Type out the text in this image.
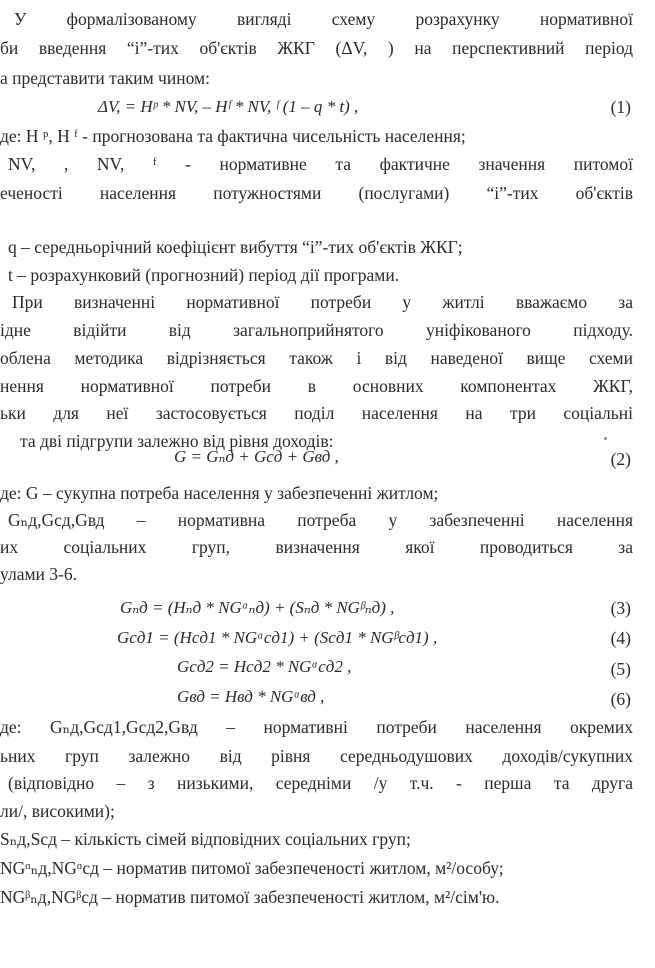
У формалізованому вигляді схему розрахунку нормативної
би введення “i”-тих об'єктів ЖКГ (ΔV, ) на перспективний період
а представити таким чином:
ΔV, = Hᵖ * NV, – Hᶠ * NV, ᶠ (1 – q * t) ,	(1)
де: H ᵖ, H ᶠ - прогнозована та фактична чисельність населення;
NV, , NV, ᶠ - нормативне та фактичне значення питомої
еченості населення потужностями (послугами) “i”-тих об'єктів
q – середньорічний коефіцієнт вибуття “i”-тих об'єктів ЖКГ;
t – розрахунковий (прогнозний) період дії програми.
При визначенні нормативної потреби у житлі вважаємо за
ідне відійти від загальноприйнятого уніфікованого підходу.
облена методика відрізняється також і від наведеної вище схеми
нення нормативної потреби в основних компонентах ЖКГ,
ьки для неї застосовується поділ населення на три соціальні
та дві підгрупи залежно від рівня доходів:
G = Gₙд + Gсд + Gвд ,	(2)
де: G – сукупна потреба населення у забезпеченні житлом;
Gₙд,Gсд,Gвд – нормативна потреба у забезпеченні населення
их соціальних груп, визначення якої проводиться за
улами 3-6.
Gₙд = (Hₙд * NGᵅₙд) + (Sₙд * NGᵝₙд) ,	(3)
Gсд1 = (Hсд1 * NGᵅсд1) + (Sсд1 * NGᵝсд1) ,	(4)
Gсд2 = Hсд2 * NGᵅсд2 ,	(5)
Gвд = Hвд * NGᵅвд ,	(6)
де: Gₙд,Gсд1,Gсд2,Gвд – нормативні потреби населення окремих
ьних груп залежно від рівня середньодушових доходів/сукупних
(відповідно – з низькими, середніми /у т.ч. - перша та друга
ли/, високими);
Sₙд,Sсд – кількість сімей відповідних соціальних груп;
NGᵅₙд,NGᵅсд – норматив питомої забезпеченості житлом, м²/особу;
NGᵝₙд,NGᵝсд – норматив питомої забезпеченості житлом, м²/сім'ю.
